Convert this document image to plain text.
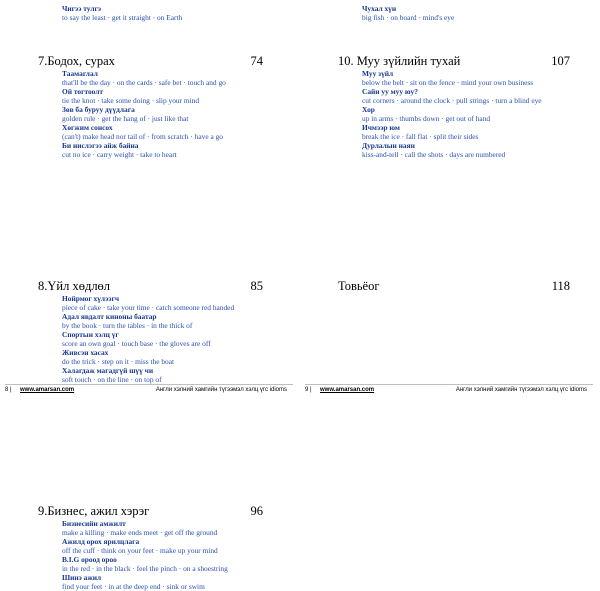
Чигээ тулгэ
to say the least · get it straight · on Earth
7.Бодох, сурах	74
Таамаглал
that'll be the day · on the cards · safe bet · touch and go
Ой тогтоолт
tie the knot · take some doing · slip your mind
Зөв ба буруу дүүдлага
golden rule · get the hang of · just like that
Хөгжим сонсох
(can't) make head nor tail of · from scratch · have a go
Би нислэгээ айж байна
cut no ice · carry weight · take to heart
8.Үйл хөдлөл	85
Нойрмог хүлээгч
piece of cake · take your time · catch someone red handed
Адал явдалт киноны баатар
by the book · turn the tables · in the thick of
Спортын хэлц үг
score an own goal · touch base · the gloves are off
Живсэн хасах
do the trick · step on it · miss the boat
Халагдаж магадгүй шүү чи
soft touch · on the line · on top of
9.Бизнес, ажил хэрэг	96
Бизнесийн амжилт
make a killing · make ends meet · get off the ground
Ажилд орох ярилцлага
off the cuff · think on your feet · make up your mind
B.I.G ороод ороо
in the red · in the black · feel the pinch · on a shoestring
Шинэ ажил
find your feet · in at the deep end · sink or swim
8 | www.amarsan.com	Англи хэлний хамгийн түгээмэл хэлц үгс idioms
Чухал хүн
big fish · on board · mind's eye
10. Муу зүйлийн тухай	107
Муу зүйл
below the belt · sit on the fence · mind your own business
Сайн уу муу юу?
cut corners · around the clock · pull strings · turn a blind eye
Хор
up in arms · thumbs down · get out of hand
Ичмээр юм
break the ice · fall flat · split their sides
Дурлалын наян
kiss-and-tell · call the shots · days are numbered
Товьёог	118
9 | www.amarsan.com	Англи хэлний хамгийн түгээмэл хэлц үгс idioms
